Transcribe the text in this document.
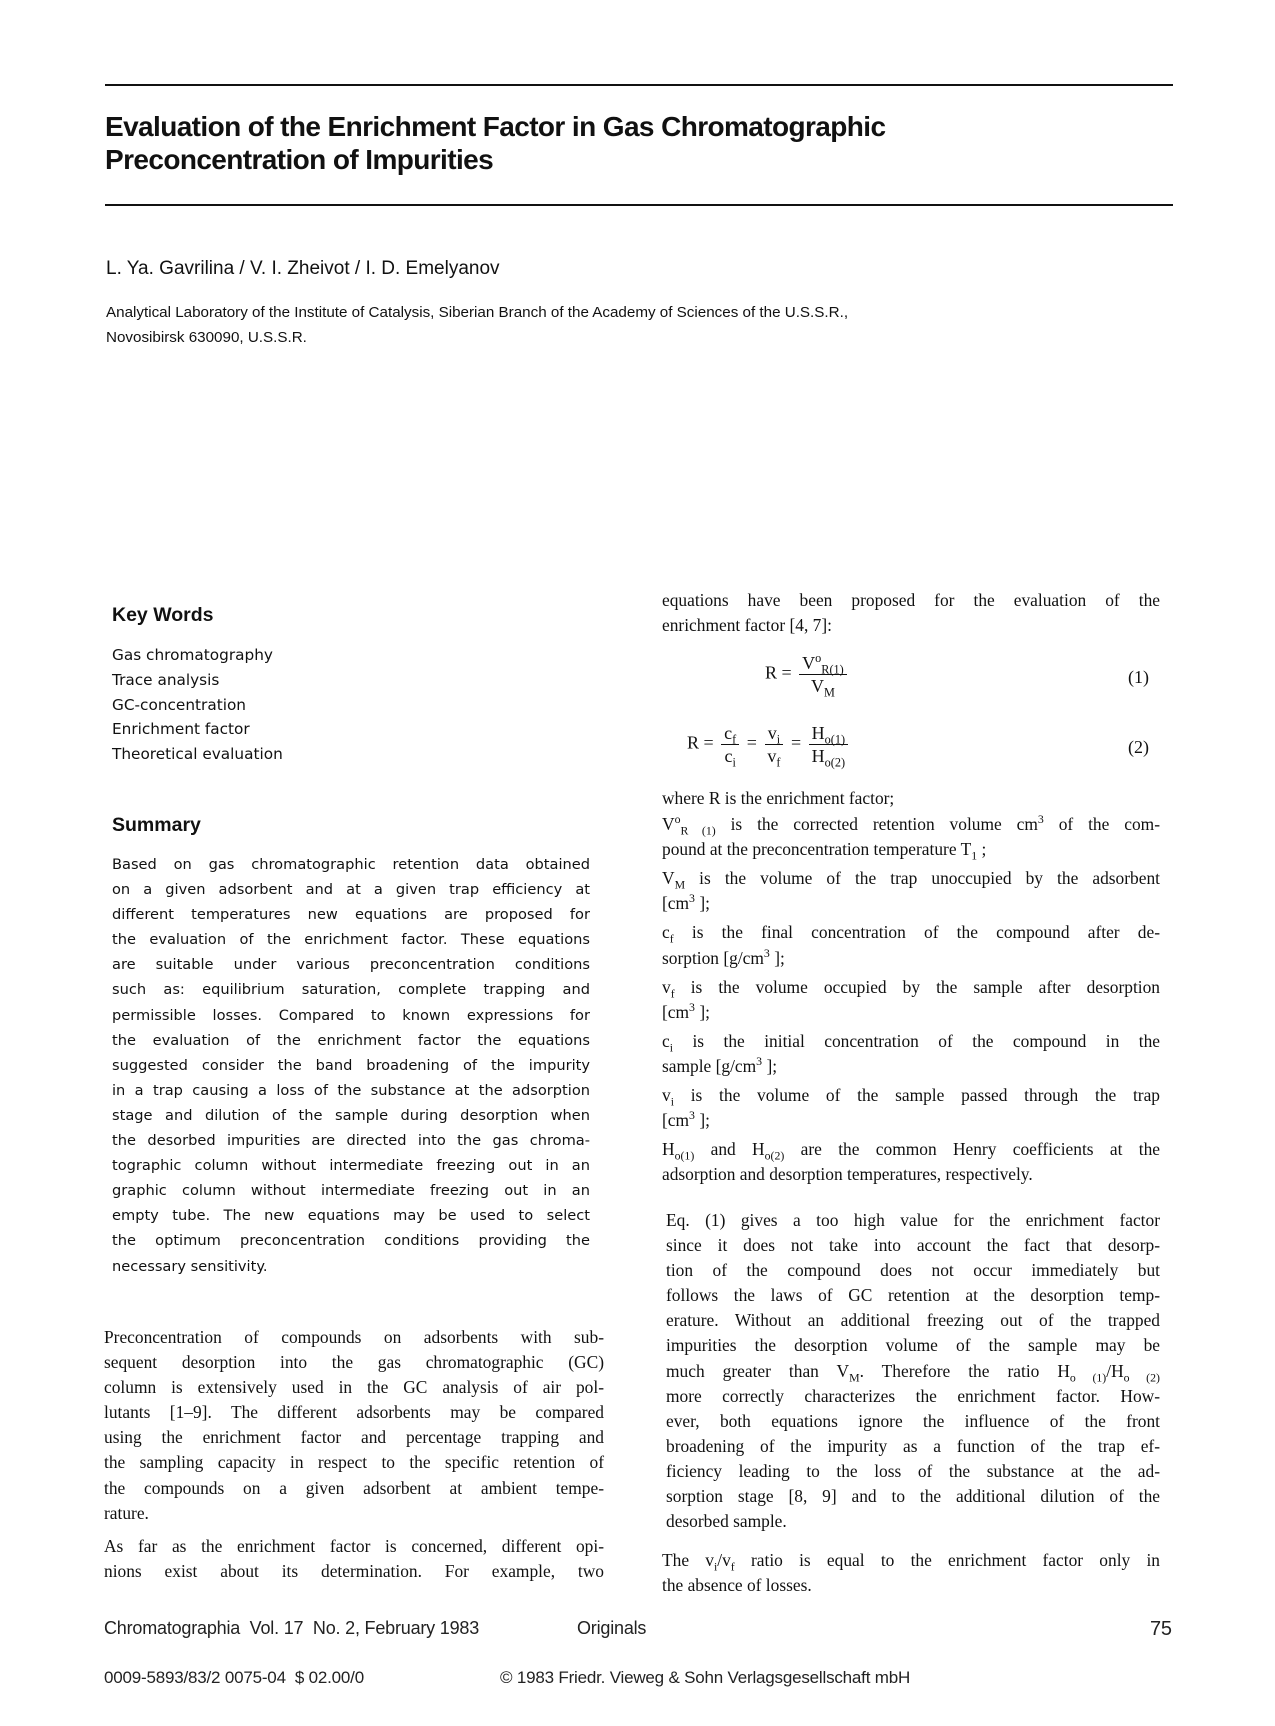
Evaluation of the Enrichment Factor in Gas Chromatographic
Preconcentration of Impurities
L. Ya. Gavrilina / V. I. Zheivot / I. D. Emelyanov
Analytical Laboratory of the Institute of Catalysis, Siberian Branch of the Academy of Sciences of the U.S.S.R.,
Novosibirsk 630090, U.S.S.R.
Key Words
Gas chromatography
Trace analysis
GC-concentration
Enrichment factor
Theoretical evaluation
Summary
Based on gas chromatographic retention data obtained
on a given adsorbent and at a given trap efficiency at
different temperatures new equations are proposed for
the evaluation of the enrichment factor. These equations
are suitable under various preconcentration conditions
such as: equilibrium saturation, complete trapping and
permissible losses. Compared to known expressions for
the evaluation of the enrichment factor the equations
suggested consider the band broadening of the impurity
in a trap causing a loss of the substance at the adsorption
stage and dilution of the sample during desorption when
the desorbed impurities are directed into the gas chroma-
tographic column without intermediate freezing out in an
graphic column without intermediate freezing out in an
empty tube. The new equations may be used to select
the optimum preconcentration conditions providing the
necessary sensitivity.
Preconcentration of compounds on adsorbents with sub-
sequent desorption into the gas chromatographic (GC)
column is extensively used in the GC analysis of air pol-
lutants [1–9]. The different adsorbents may be compared
using the enrichment factor and percentage trapping and
the sampling capacity in respect to the specific retention of
the compounds on a given adsorbent at ambient tempe-
rature.
As far as the enrichment factor is concerned, different opi-
nions exist about its determination. For example, two
equations have been proposed for the evaluation of the
enrichment factor [4, 7]:
$R = \frac{V^o_{R(1)}}{V_M}$	(1)
$R = \frac{c_f}{c_i} = \frac{v_i}{v_f} = \frac{H_{o(1)}}{H_{o(2)}}$	(2)
where R is the enrichment factor;
$V^o_{R (1)}$ is the corrected retention volume $cm^3$ of the com-
pound at the preconcentration temperature $T_1$ ;
$V_M$ is the volume of the trap unoccupied by the adsorbent
[$cm^3$ ];
$c_f$ is the final concentration of the compound after de-
sorption [$g/cm^3$ ];
$v_f$ is the volume occupied by the sample after desorption
[$cm^3$ ];
$c_i$ is the initial concentration of the compound in the
sample [$g/cm^3$ ];
$v_i$ is the volume of the sample passed through the trap
[$cm^3$ ];
$H_{o(1)}$ and $H_{o(2)}$ are the common Henry coefficients at the
adsorption and desorption temperatures, respectively.
Eq. (1) gives a too high value for the enrichment factor
since it does not take into account the fact that desorp-
tion of the compound does not occur immediately but
follows the laws of GC retention at the desorption temp-
erature. Without an additional freezing out of the trapped
impurities the desorption volume of the sample may be
much greater than $V_M$. Therefore the ratio $H_{o (1)}/H_{o (2)}$
more correctly characterizes the enrichment factor. How-
ever, both equations ignore the influence of the front
broadening of the impurity as a function of the trap ef-
ficiency leading to the loss of the substance at the ad-
sorption stage [8, 9] and to the additional dilution of the
desorbed sample.
The $v_i/v_f$ ratio is equal to the enrichment factor only in
the absence of losses.
Chromatographia  Vol. 17  No. 2, February 1983	Originals	75
0009-5893/83/2 0075-04  $ 02.00/0	© 1983 Friedr. Vieweg & Sohn Verlagsgesellschaft mbH
